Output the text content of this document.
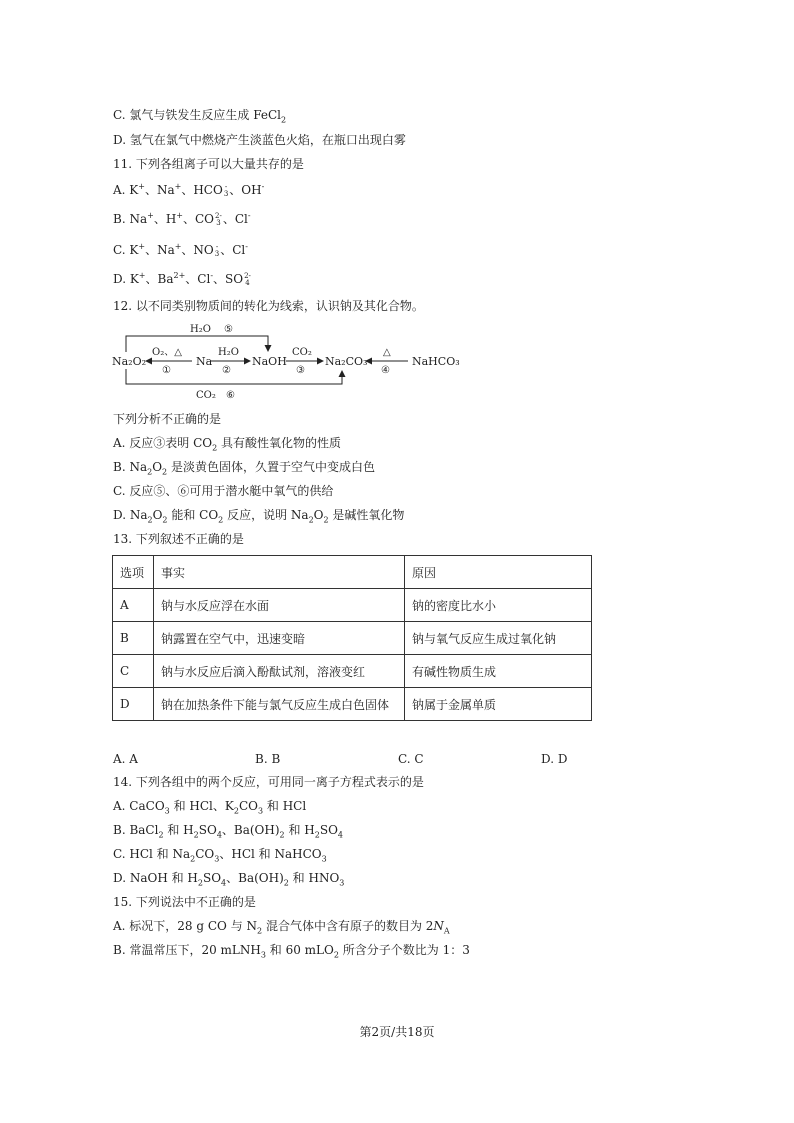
C. 氯气与铁发生反应生成 FeCl$_2$
D. 氢气在氯气中燃烧产生淡蓝色火焰，在瓶口出现白雾
11. 下列各组离子可以大量共存的是
A. K+、Na+、HCO -
3 、OH-
B. Na+、H+、CO 2-
3 、Cl-
C. K+、Na+、NO -
3 、Cl-
D. K+、$Ba^{2+}$、Cl-、SO 2-
4
12. 以不同类别物质间的转化为线索，认识钠及其化合物。
Na₂O₂	Na	NaOH	Na₂CO₃	NaHCO₃
O₂、△
①
H₂O
②
CO₂
③
△
④
H₂O ⑤
CO₂ ⑥
下列分析不正确的是
A. 反应③表明 $CO_2$ 具有酸性氧化物的性质
B. $Na_2O_2$ 是淡黄色固体，久置于空气中变成白色
C. 反应⑤、⑥可用于潜水艇中氧气的供给
D. $Na_2O_2$ 能和 $CO_2$ 反应，说明 $Na_2O_2$ 是碱性氧化物
13. 下列叙述不正确的是
选项	事实	原因
A	钠与水反应浮在水面	钠的密度比水小
B	钠露置在空气中，迅速变暗	钠与氧气反应生成过氧化钠
C	钠与水反应后滴入酚酞试剂，溶液变红	有碱性物质生成
D	钠在加热条件下能与氯气反应生成白色固体	钠属于金属单质
A. A	B. B	C. C	D. D
14. 下列各组中的两个反应，可用同一离子方程式表示的是
A. CaCO$_3$ 和 HCl、$K_2CO_3$ 和 HCl
B. BaCl$_2$ 和 $H_2SO_4$、$Ba(OH)_2$ 和 $H_2SO_4$
C. HCl 和 $Na_2CO_3$、HCl 和 NaHCO$_3$
D. NaOH 和 $H_2SO_4$、$Ba(OH)_2$ 和 $HNO_3$
15. 下列说法中不正确的是
A. 标况下，28 g CO 与 $N_2$ 混合气体中含有原子的数目为 $2N_A$
B. 常温常压下，20 mLNH$_3$ 和 60 mLO$_2$ 所含分子个数比为 1：3
第2页/共18页
